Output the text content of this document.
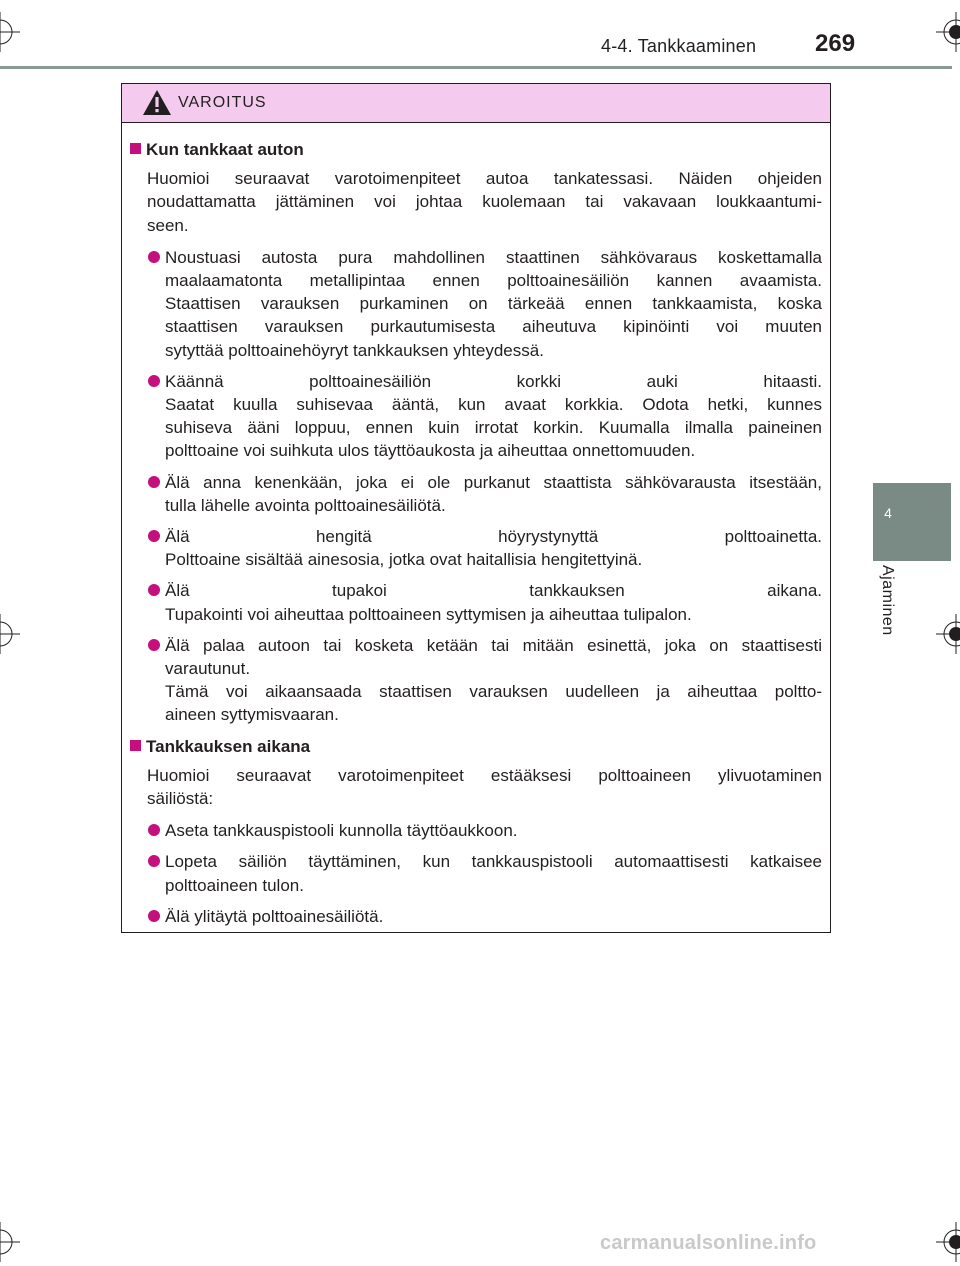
4-4. Tankkaaminen 269
4
Ajaminen
VAROITUS
Kun tankkaat auton
Huomioi seuraavat varotoimenpiteet autoa tankatessasi. Näiden ohjeiden
noudattamatta jättäminen voi johtaa kuolemaan tai vakavaan loukkaantumi-
seen.
Noustuasi autosta pura mahdollinen staattinen sähkövaraus koskettamalla
maalaamatonta metallipintaa ennen polttoainesäiliön kannen avaamista.
Staattisen varauksen purkaminen on tärkeää ennen tankkaamista, koska
staattisen varauksen purkautumisesta aiheutuva kipinöinti voi muuten
sytyttää polttoainehöyryt tankkauksen yhteydessä.
Käännä polttoainesäiliön korkki auki hitaasti.
Saatat kuulla suhisevaa ääntä, kun avaat korkkia. Odota hetki, kunnes
suhiseva ääni loppuu, ennen kuin irrotat korkin. Kuumalla ilmalla paineinen
polttoaine voi suihkuta ulos täyttöaukosta ja aiheuttaa onnettomuuden.
Älä anna kenenkään, joka ei ole purkanut staattista sähkövarausta itsestään,
tulla lähelle avointa polttoainesäiliötä.
Älä hengitä höyrystynyttä polttoainetta.
Polttoaine sisältää ainesosia, jotka ovat haitallisia hengitettyinä.
Älä tupakoi tankkauksen aikana.
Tupakointi voi aiheuttaa polttoaineen syttymisen ja aiheuttaa tulipalon.
Älä palaa autoon tai kosketa ketään tai mitään esinettä, joka on staattisesti
varautunut.
Tämä voi aikaansaada staattisen varauksen uudelleen ja aiheuttaa poltto-
aineen syttymisvaaran.
Tankkauksen aikana
Huomioi seuraavat varotoimenpiteet estääksesi polttoaineen ylivuotaminen
säiliöstä:
Aseta tankkauspistooli kunnolla täyttöaukkoon.
Lopeta säiliön täyttäminen, kun tankkauspistooli automaattisesti katkaisee
polttoaineen tulon.
Älä ylitäytä polttoainesäiliötä.
carmanualsonline.info
